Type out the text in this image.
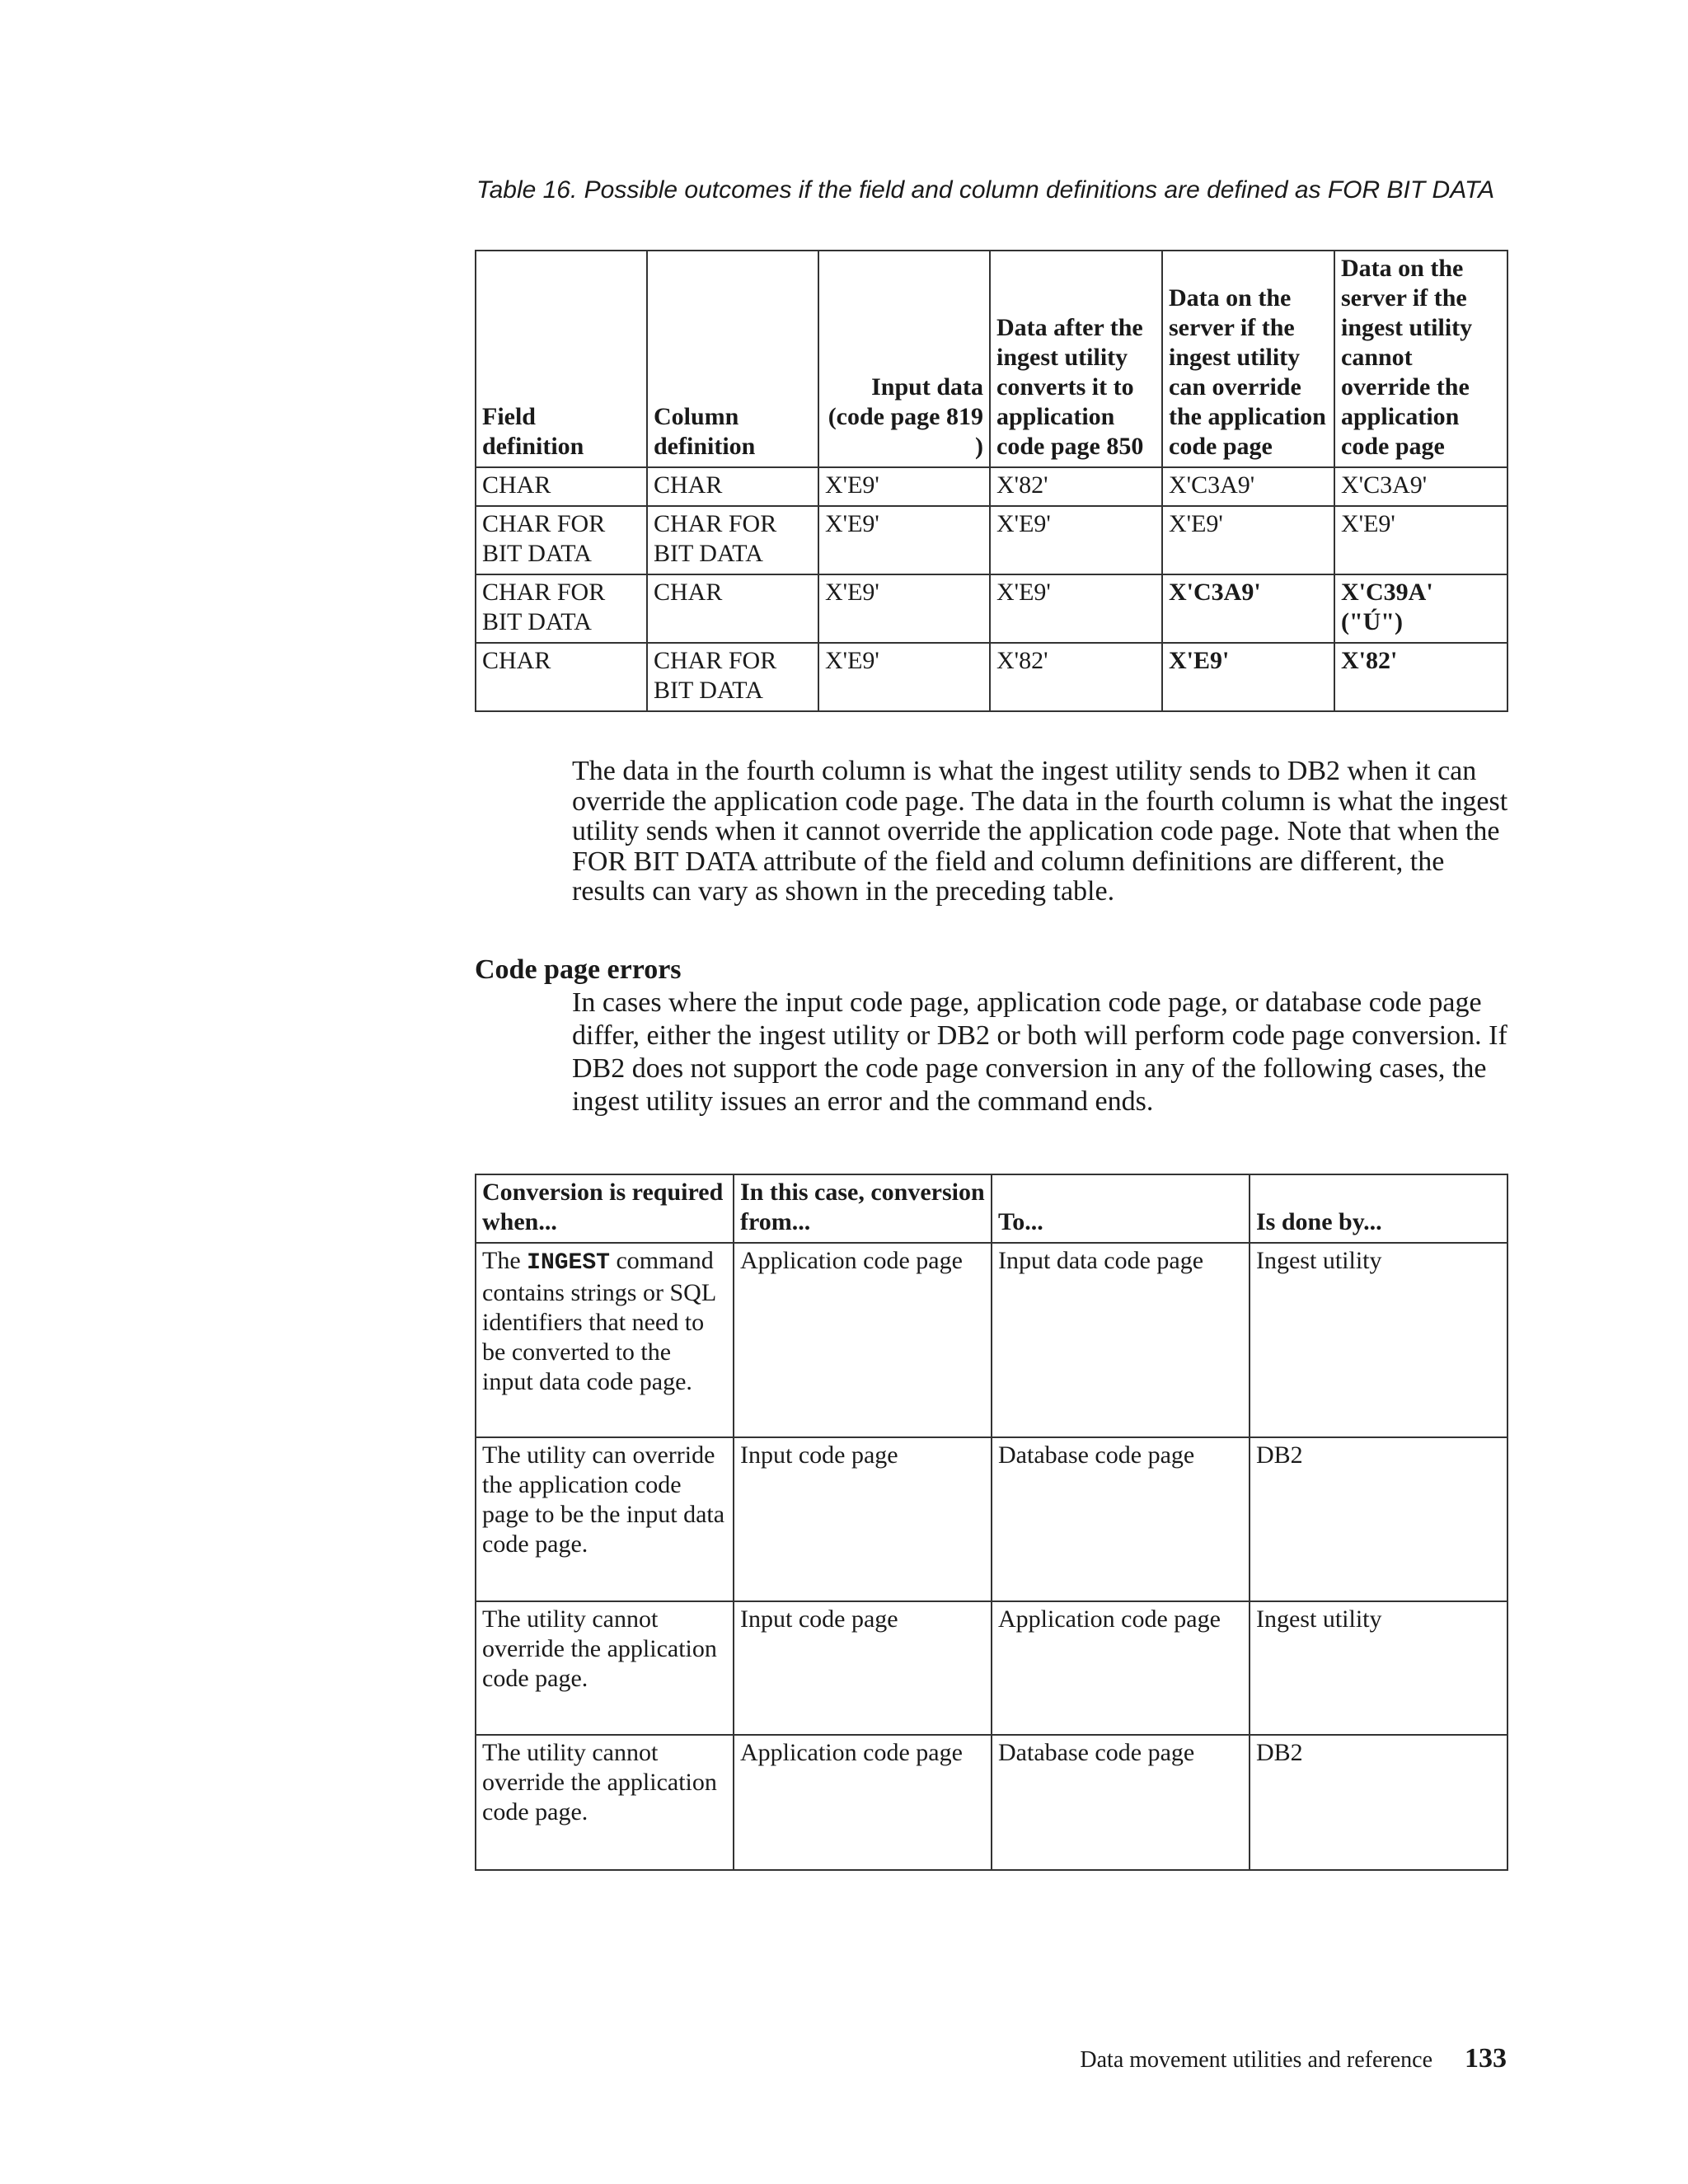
Table 16. Possible outcomes if the field and column definitions are defined as FOR BIT DATA

Field definition	Column definition	Input data (code page 819 )	Data after the ingest utility converts it to application code page 850	Data on the server if the ingest utility can override the application code page	Data on the server if the ingest utility cannot override the application code page
CHAR	CHAR	X'E9'	X'82'	X'C3A9'	X'C3A9'
CHAR FOR BIT DATA	CHAR FOR BIT DATA	X'E9'	X'E9'	X'E9'	X'E9'
CHAR FOR BIT DATA	CHAR	X'E9'	X'E9'	X'C3A9'	X'C39A' ("Ú")
CHAR	CHAR FOR BIT DATA	X'E9'	X'82'	X'E9'	X'82'

The data in the fourth column is what the ingest utility sends to DB2 when it can override the application code page. The data in the fourth column is what the ingest utility sends when it cannot override the application code page. Note that when the FOR BIT DATA attribute of the field and column definitions are different, the results can vary as shown in the preceding table.

Code page errors

In cases where the input code page, application code page, or database code page differ, either the ingest utility or DB2 or both will perform code page conversion. If DB2 does not support the code page conversion in any of the following cases, the ingest utility issues an error and the command ends.

Conversion is required when...	In this case, conversion from...	To...	Is done by...
The INGEST command contains strings or SQL identifiers that need to be converted to the input data code page.	Application code page	Input data code page	Ingest utility
The utility can override the application code page to be the input data code page.	Input code page	Database code page	DB2
The utility cannot override the application code page.	Input code page	Application code page	Ingest utility
The utility cannot override the application code page.	Application code page	Database code page	DB2
Data movement utilities and reference 133
